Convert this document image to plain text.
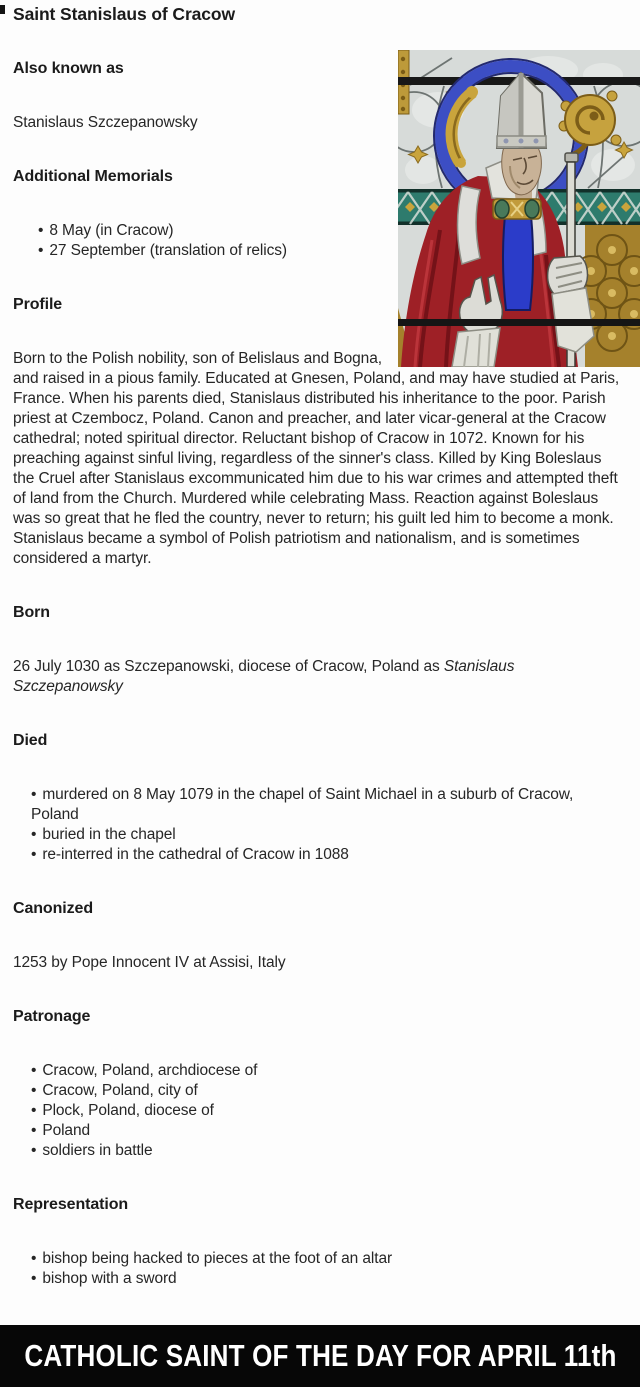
Saint Stanislaus of Cracow
Also known as

Stanislaus Szczepanowsky

Additional Memorials
• 8 May (in Cracow)
• 27 September (translation of relics)
Profile

Born to the Polish nobility, son of Belislaus and Bogna, and raised in a pious family. Educated at Gnesen, Poland, and may have studied at Paris, France. When his parents died, Stanislaus distributed his inheritance to the poor. Parish priest at Czembocz, Poland. Canon and preacher, and later vicar-general at the Cracow cathedral; noted spiritual director. Reluctant bishop of Cracow in 1072. Known for his preaching against sinful living, regardless of the sinner's class. Killed by King Boleslaus the Cruel after Stanislaus excommunicated him due to his war crimes and attempted theft of land from the Church. Murdered while celebrating Mass. Reaction against Boleslaus was so great that he fled the country, never to return; his guilt led him to become a monk. Stanislaus became a symbol of Polish patriotism and nationalism, and is sometimes considered a martyr.

Born

26 July 1030 as Szczepanowski, diocese of Cracow, Poland as Stanislaus Szczepanowsky

Died
• murdered on 8 May 1079 in the chapel of Saint Michael in a suburb of Cracow, Poland
• buried in the chapel
• re-interred in the cathedral of Cracow in 1088
Canonized

1253 by Pope Innocent IV at Assisi, Italy

Patronage
• Cracow, Poland, archdiocese of
• Cracow, Poland, city of
• Plock, Poland, diocese of
• Poland
• soldiers in battle
Representation
• bishop being hacked to pieces at the foot of an altar
• bishop with a sword
CATHOLIC SAINT OF THE DAY FOR APRIL 11th
